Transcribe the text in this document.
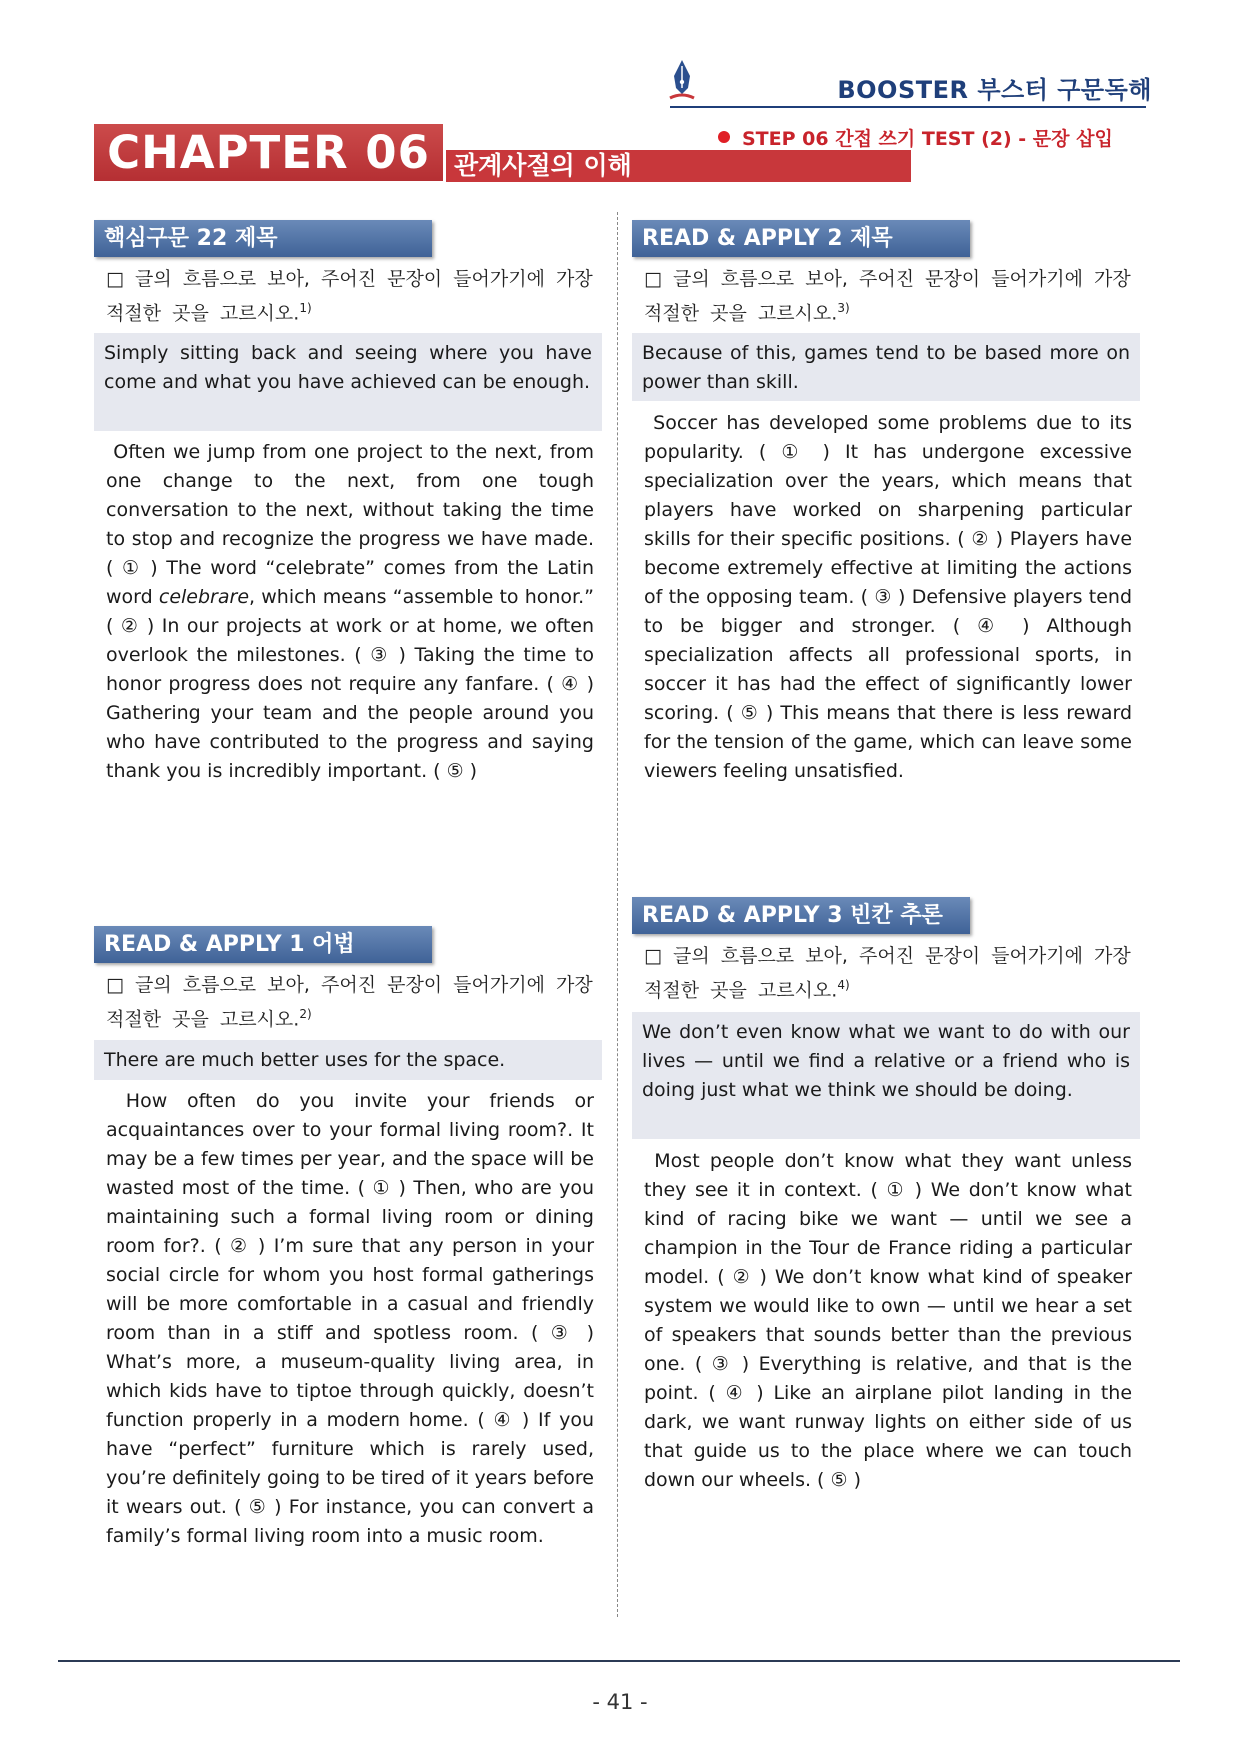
BOOSTER 부스터 구문독해
CHAPTER 06 관계사절의 이해
STEP 06 간접 쓰기 TEST (2) - 문장 삽입
핵심구문 22 제목
□ 글의 흐름으로 보아, 주어진 문장이 들어가기에 가장 적절한 곳을 고르시오.$^{1)}$
Simply sitting back and seeing where you have come and what you have achieved can be enough.
Often we jump from one project to the next, from one change to the next, from one tough conversation to the next, without taking the time to stop and recognize the progress we have made. ( ① ) The word “celebrate” comes from the Latin word celebrare, which means “assemble to honor.” ( ② ) In our projects at work or at home, we often overlook the milestones. ( ③ ) Taking the time to honor progress does not require any fanfare. ( ④ ) Gathering your team and the people around you who have contributed to the progress and saying thank you is incredibly important. ( ⑤ )
READ & APPLY 1 어법
□ 글의 흐름으로 보아, 주어진 문장이 들어가기에 가장 적절한 곳을 고르시오.$^{2)}$
There are much better uses for the space.
How often do you invite your friends or acquaintances over to your formal living room?. It may be a few times per year, and the space will be wasted most of the time. ( ① ) Then, who are you maintaining such a formal living room or dining room for?. ( ② ) I’m sure that any person in your social circle for whom you host formal gatherings will be more comfortable in a casual and friendly room than in a stiff and spotless room. ( ③ ) What’s more, a museum-quality living area, in which kids have to tiptoe through quickly, doesn’t function properly in a modern home. ( ④ ) If you have “perfect” furniture which is rarely used, you’re definitely going to be tired of it years before it wears out. ( ⑤ ) For instance, you can convert a family’s formal living room into a music room.
READ & APPLY 2 제목
□ 글의 흐름으로 보아, 주어진 문장이 들어가기에 가장 적절한 곳을 고르시오.$^{3)}$
Because of this, games tend to be based more on power than skill.
Soccer has developed some problems due to its popularity. ( ① ) It has undergone excessive specialization over the years, which means that players have worked on sharpening particular skills for their specific positions. ( ② ) Players have become extremely effective at limiting the actions of the opposing team. ( ③ ) Defensive players tend to be bigger and stronger. ( ④ ) Although specialization affects all professional sports, in soccer it has had the effect of significantly lower scoring. ( ⑤ ) This means that there is less reward for the tension of the game, which can leave some viewers feeling unsatisfied.
READ & APPLY 3 빈칸 추론
□ 글의 흐름으로 보아, 주어진 문장이 들어가기에 가장 적절한 곳을 고르시오.$^{4)}$
We don’t even know what we want to do with our lives — until we find a relative or a friend who is doing just what we think we should be doing.
Most people don’t know what they want unless they see it in context. ( ① ) We don’t know what kind of racing bike we want — until we see a champion in the Tour de France riding a particular model. ( ② ) We don’t know what kind of speaker system we would like to own — until we hear a set of speakers that sounds better than the previous one. ( ③ ) Everything is relative, and that is the point. ( ④ ) Like an airplane pilot landing in the dark, we want runway lights on either side of us that guide us to the place where we can touch down our wheels. ( ⑤ )
- 41 -
